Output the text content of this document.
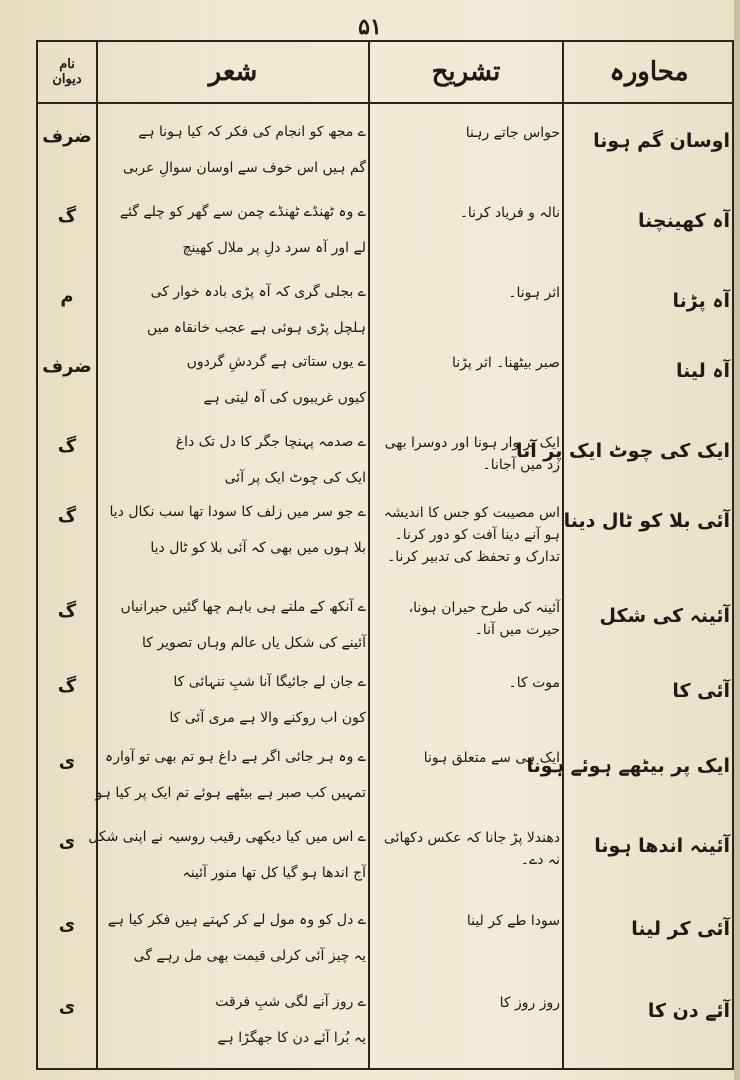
۵۱
محاورہ
تشریح
شعر
نام
دیوان
اوسان گم ہونا
حواس جاتے رہنا
ے مجھ کو انجام کی فکر کہ کیا ہونا ہے
گم ہیں اس خوف سے اوسان سوالِ عربی
ضرف
آہ کھینچنا
نالہ و فریاد کرنا۔
ے وہ ٹھنڈے ٹھنڈے چمن سے گھر کو چلے گئے
لے اور آہ سرد دلِ پر ملال کھینچ
گ
آہ پڑنا
اثر ہونا۔
ے بجلی گری کہ آہ پڑی بادہ خوار کی
ہلچل پڑی ہوئی ہے عجب خانقاہ میں
م
آہ لینا
صبر بیٹھنا۔ اثر پڑنا
ے یوں ستاتی ہے گردشِ گردوں
کیوں غریبوں کی آہ لیتی ہے
ضرف
ایک کی چوٹ ایک پر آنا
ایک پر وار ہونا اور دوسرا بھی زد میں آجانا۔
ے صدمہ پہنچا جگر کا دل تک داغ
ایک کی چوٹ ایک پر آئی
گ
آئی بلا کو ٹال دینا
اس مصیبت کو جس کا اندیشہ ہو آنے دینا آفت کو دور کرنا۔ تدارک و تحفظ کی تدبیر کرنا۔
ے جو سر میں زلف کا سودا تھا سب نکال دیا
بلا ہوں میں بھی کہ آئی بلا کو ٹال دیا
گ
آئینہ کی شکل
آئینہ کی طرح حیران ہونا، حیرت میں آنا۔
ے آنکھ کے ملتے ہی باہم چھا گئیں حیرانیاں
آئینے کی شکل یاں عالم وہاں تصویر کا
گ
آئی کا
موت کا۔
ے جان لے جائیگا آنا شبِ تنہائی کا
کون اب روکنے والا ہے مری آئی کا
گ
ایک پر بیٹھے ہوئے ہونا
ایک ہی سے متعلق ہونا
ے وہ ہر جائی اگر ہے داغ ہو تم بھی تو آوارہ
تمہیں کب صبر ہے بیٹھے ہوئے تم ایک پر کیا ہو
ی
آئینہ اندھا ہونا
دھندلا پڑ جانا کہ عکس دکھائی نہ دے۔
ے اس میں کیا دیکھی رقیب روسیہ نے اپنی شکل
آج اندھا ہو گیا کل تھا منور آئینہ
ی
آئی کر لینا
سودا طے کر لینا
ے دل کو وہ مول لے کر کہتے ہیں فکر کیا ہے
یہ چیز آئی کرلی قیمت بھی مل رہے گی
ی
آئے دن کا
روز روز کا
ے روز آنے لگی شبِ فرقت
یہ بُرا آئے دن کا جھگڑا ہے
ی
